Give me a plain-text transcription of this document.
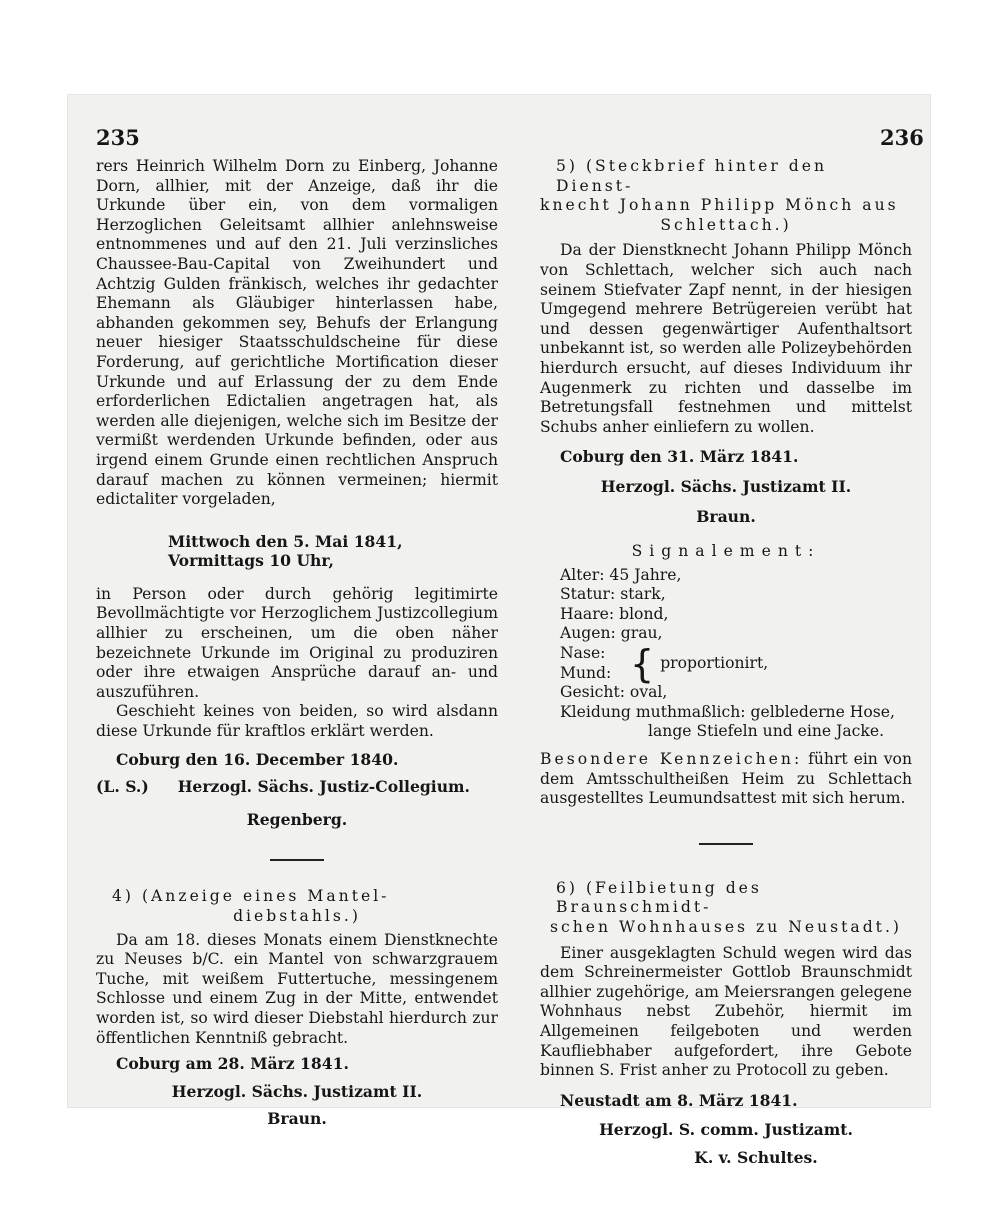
235	236

rers Heinrich Wilhelm Dorn zu Einberg, Johanne Dorn, allhier, mit der Anzeige, daß ihr die Urkunde über ein, von dem vormaligen Herzoglichen Geleitsamt allhier anlehnsweise entnommenes und auf den 21. Juli verzinsliches Chaussee-Bau-Capital von Zweihundert und Achtzig Gulden fränkisch, welches ihr gedachter Ehemann als Gläubiger hinterlassen habe, abhanden gekommen sey, Behufs der Erlangung neuer hiesiger Staatsschuldscheine für diese Forderung, auf gerichtliche Mortification dieser Urkunde und auf Erlassung der zu dem Ende erforderlichen Edictalien angetragen hat, als werden alle diejenigen, welche sich im Besitze der vermißt werdenden Urkunde befinden, oder aus irgend einem Grunde einen rechtlichen Anspruch darauf machen zu können vermeinen; hiermit edictaliter vorgeladen,

Mittwoch den 5. Mai 1841,

Vormittags 10 Uhr,

in Person oder durch gehörig legitimirte Bevollmächtigte vor Herzoglichem Justizcollegium allhier zu erscheinen, um die oben näher bezeichnete Urkunde im Original zu produziren oder ihre etwaigen Ansprüche darauf an- und auszuführen.

Geschieht keines von beiden, so wird alsdann diese Urkunde für kraftlos erklärt werden.

Coburg den 16. December 1840.

(L. S.) Herzogl. Sächs. Justiz-Collegium.

Regenberg.

4) (Anzeige eines Mantel-

diebstahls.)

Da am 18. dieses Monats einem Dienstknechte zu Neuses b/C. ein Mantel von schwarzgrauem Tuche, mit weißem Futtertuche, messingenem Schlosse und einem Zug in der Mitte, entwendet worden ist, so wird dieser Diebstahl hierdurch zur öffentlichen Kenntniß gebracht.

Coburg am 28. März 1841.

Herzogl. Sächs. Justizamt II.

Braun.

5) (Steckbrief hinter den Dienst-

knecht Johann Philipp Mönch aus

Schlettach.)

Da der Dienstknecht Johann Philipp Mönch von Schlettach, welcher sich auch nach seinem Stiefvater Zapf nennt, in der hiesigen Umgegend mehrere Betrügereien verübt hat und dessen gegenwärtiger Aufenthaltsort unbekannt ist, so werden alle Polizeybehörden hierdurch ersucht, auf dieses Individuum ihr Augenmerk zu richten und dasselbe im Betretungsfall festnehmen und mittelst Schubs anher einliefern zu wollen.

Coburg den 31. März 1841.

Herzogl. Sächs. Justizamt II.

Braun.

Signalement:

Alter: 45 Jahre,

Statur: stark,

Haare: blond,

Augen: grau,

Nase:

Mund: { proportionirt,

Gesicht: oval,

Kleidung muthmaßlich: gelblederne Hose,

lange Stiefeln und eine Jacke.

Besondere Kennzeichen: führt ein von dem Amtsschultheißen Heim zu Schlettach ausgestelltes Leumundsattest mit sich herum.

6) (Feilbietung des Braunschmidt-

schen Wohnhauses zu Neustadt.)

Einer ausgeklagten Schuld wegen wird das dem Schreinermeister Gottlob Braunschmidt allhier zugehörige, am Meiersrangen gelegene Wohnhaus nebst Zubehör, hiermit im Allgemeinen feilgeboten und werden Kaufliebhaber aufgefordert, ihre Gebote binnen S. Frist anher zu Protocoll zu geben.

Neustadt am 8. März 1841.

Herzogl. S. comm. Justizamt.

K. v. Schultes.
